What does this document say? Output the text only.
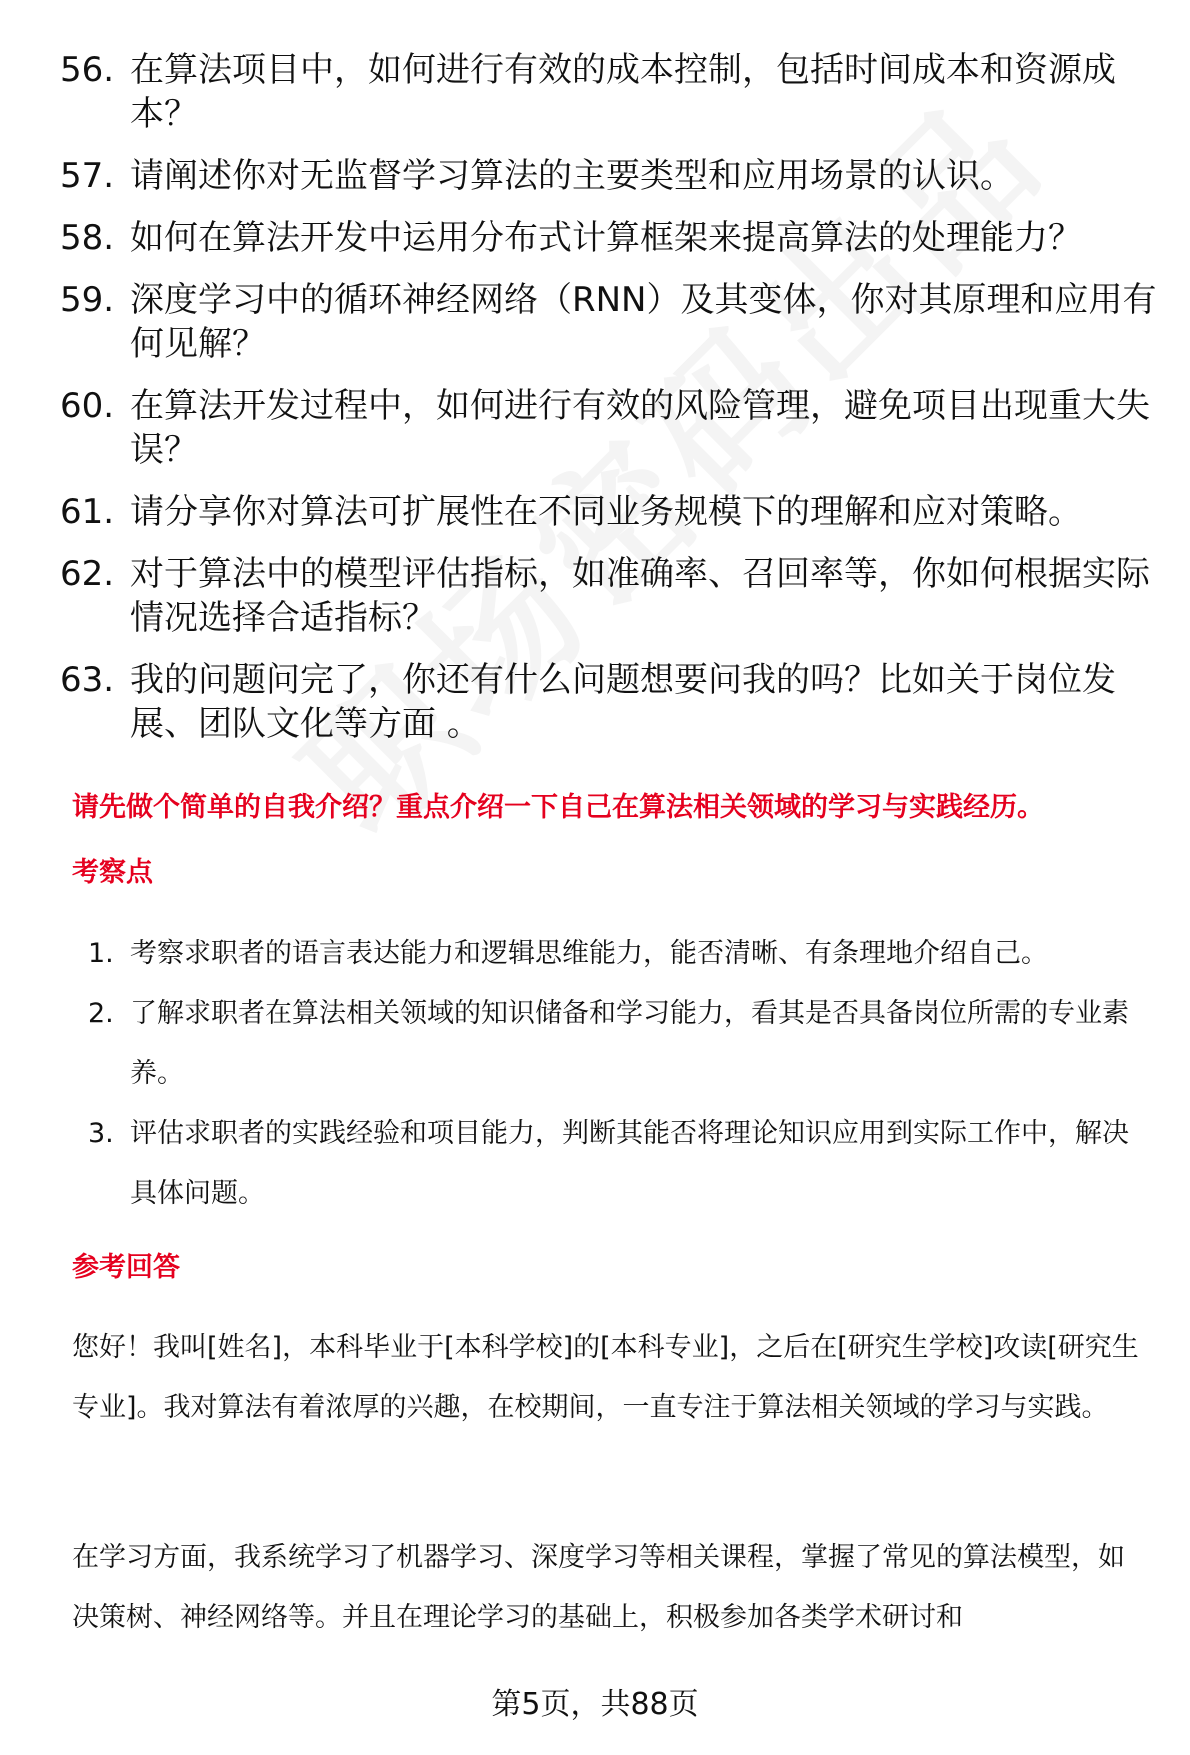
56. 在算法项目中，如何进行有效的成本控制，包括时间成本和资源成本？
57. 请阐述你对无监督学习算法的主要类型和应用场景的认识。
58. 如何在算法开发中运用分布式计算框架来提高算法的处理能力？
59. 深度学习中的循环神经网络（RNN）及其变体，你对其原理和应用有何见解？
60. 在算法开发过程中，如何进行有效的风险管理，避免项目出现重大失误？
61. 请分享你对算法可扩展性在不同业务规模下的理解和应对策略。
62. 对于算法中的模型评估指标，如准确率、召回率等，你如何根据实际情况选择合适指标？
63. 我的问题问完了，你还有什么问题想要问我的吗？比如关于岗位发展、团队文化等方面 。
请先做个简单的自我介绍？重点介绍一下自己在算法相关领域的学习与实践经历。
考察点
1. 考察求职者的语言表达能力和逻辑思维能力，能否清晰、有条理地介绍自己。
2. 了解求职者在算法相关领域的知识储备和学习能力，看其是否具备岗位所需的专业素养。
3. 评估求职者的实践经验和项目能力，判断其能否将理论知识应用到实际工作中，解决具体问题。
参考回答

您好！我叫[姓名]，本科毕业于[本科学校]的[本科专业]，之后在[研究生学校]攻读[研究生专业]。我对算法有着浓厚的兴趣，在校期间，一直专注于算法相关领域的学习与实践。

在学习方面，我系统学习了机器学习、深度学习等相关课程，掌握了常见的算法模型，如决策树、神经网络等。并且在理论学习的基础上，积极参加各类学术研讨和

第5页，共88页
